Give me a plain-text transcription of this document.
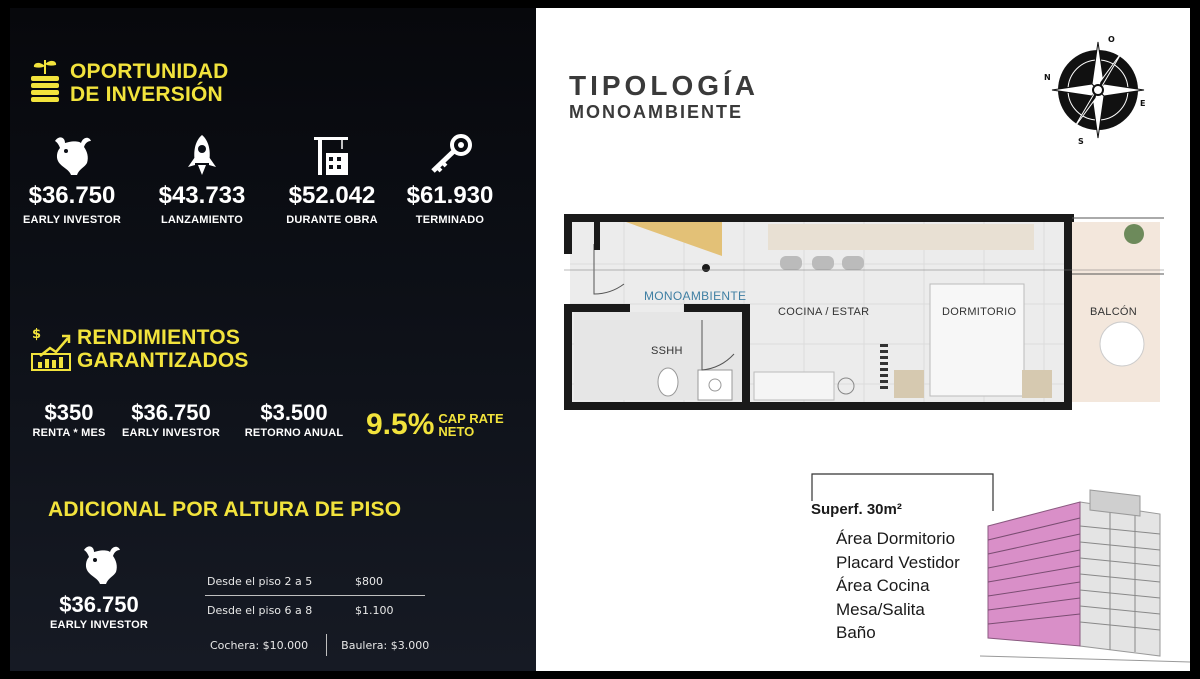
OPORTUNIDAD
DE INVERSIÓN
$36.750
EARLY INVESTOR
$43.733
LANZAMIENTO
$52.042
DURANTE OBRA
$61.930
TERMINADO
$ RENDIMIENTOS
GARANTIZADOS
$350
RENTA * MES
$36.750
EARLY INVESTOR
$3.500
RETORNO ANUAL 9.5% CAP RATE
NETO
ADICIONAL POR ALTURA DE PISO
$36.750
EARLY INVESTOR
Desde el piso 2 a 5	$800
Desde el piso 6 a 8	$1.100
Cochera: $10.000	Baulera: $3.000
TIPOLOGÍA
MONOAMBIENTE
N
O
E
S
MONOAMBIENTE
COCINA / ESTAR	DORMITORIO	BALCÓN
SSHH
Superf. 30m²
Área Dormitorio
Placard Vestidor
Área Cocina
Mesa/Salita
Baño
